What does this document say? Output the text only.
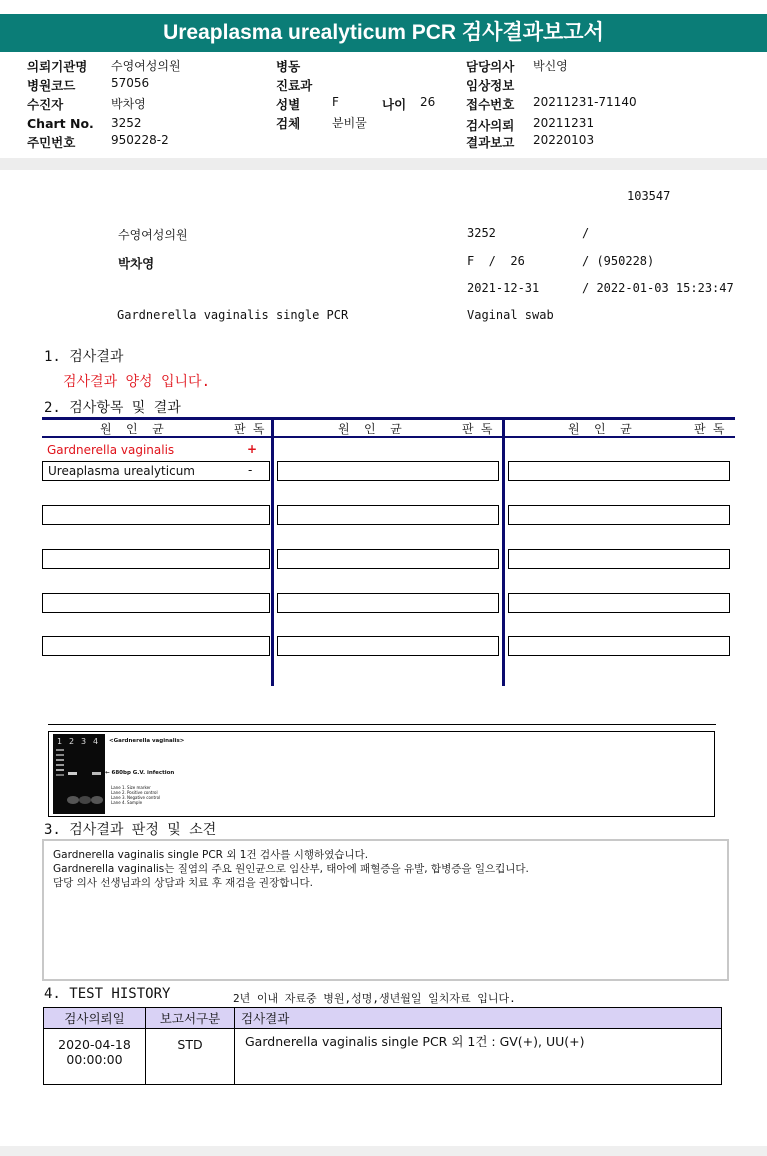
Ureaplasma urealyticum PCR 검사결과보고서
의뢰기관명 수영여성의원
병원코드	57056
수진자	박차영
Chart No. 3252
주민번호	950228-2
병동
진료과
성별	F	나이 26
검체	분비물
담당의사 박신영
임상정보
접수번호 20211231-71140
검사의뢰 20211231
결과보고 20220103
103547
수영여성의원	3252	/
박차영	F  /  26	/ (950228)
2021-12-31	/ 2022-01-03 15:23:47
Gardnerella vaginalis single PCR	Vaginal swab
1. 검사결과
검사결과 양성 입니다.
2. 검사항목 및 결과
원  인  균	판 독	원  인  균	판 독	원  인  균	판 독
Gardnerella vaginalis	+
Ureaplasma urealyticum	-
1 2 3 4 <Gardnerella vaginalis>
← 680bp G.V. infection
Lane 1. Size marker
Lane 2. Positive control
Lane 3. Negative control
Lane 4. Sample
3. 검사결과 판정 및 소견
Gardnerella vaginalis single PCR 외 1건 검사를 시행하였습니다.
Gardnerella vaginalis는 질염의 주요 원인균으로 임산부, 태아에 패혈증을 유발, 합병증을 일으킵니다.
담당 의사 선생님과의 상담과 치료 후 재검을 권장합니다.
4. TEST HISTORY	2년 이내 자료중 병원,성명,생년월일 일치자료 입니다.
검사의뢰일	보고서구분	검사결과

2020-04-18
00:00:00	STD	Gardnerella vaginalis single PCR 외 1건 : GV(+), UU(+)
